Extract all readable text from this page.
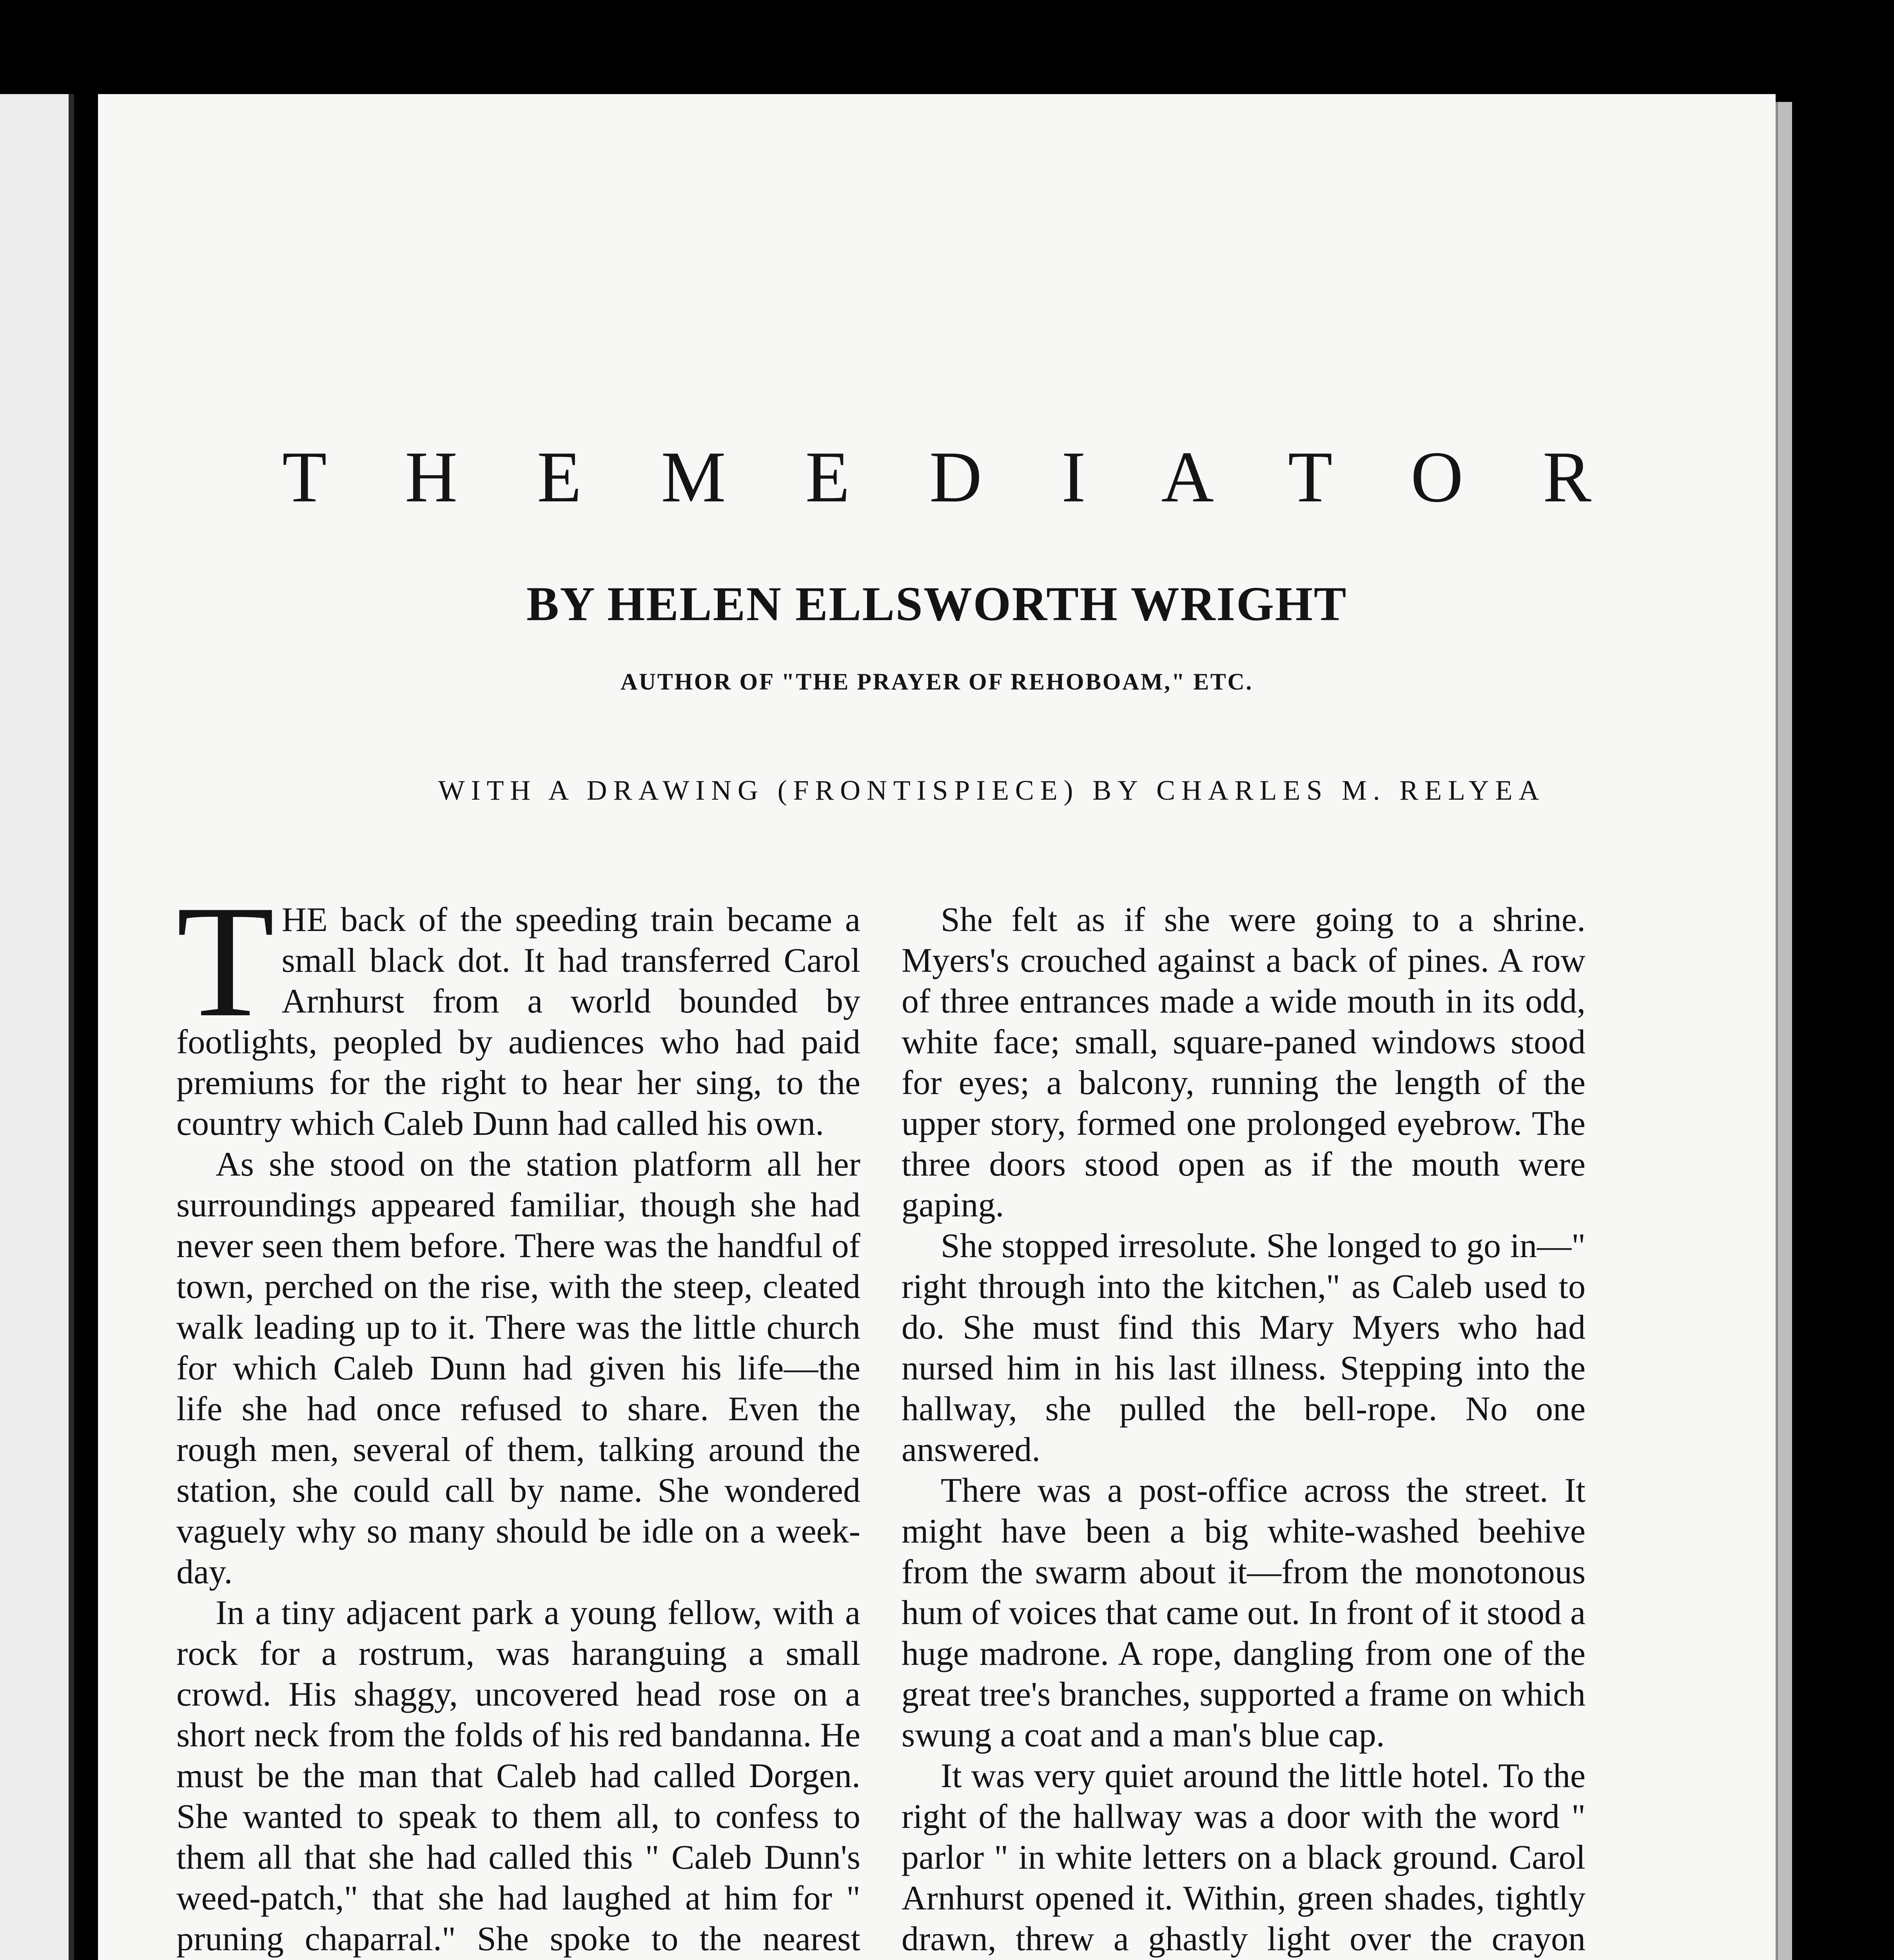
T H E M E D I A T O R
BY HELEN ELLSWORTH WRIGHT

AUTHOR OF "THE PRAYER OF REHOBOAM," ETC.

WITH A DRAWING (FRONTISPIECE) BY CHARLES M. RELYEA

THE back of the speeding train became a small black dot. It had transferred Carol Arnhurst from a world bounded by footlights, peopled by audiences who had paid premiums for the right to hear her sing, to the country which Caleb Dunn had called his own.

As she stood on the station platform all her surroundings appeared familiar, though she had never seen them before. There was the handful of town, perched on the rise, with the steep, cleated walk leading up to it. There was the little church for which Caleb Dunn had given his life—the life she had once refused to share. Even the rough men, several of them, talking around the station, she could call by name. She wondered vaguely why so many should be idle on a week-day.

In a tiny adjacent park a young fellow, with a rock for a rostrum, was haranguing a small crowd. His shaggy, uncovered head rose on a short neck from the folds of his red bandanna. He must be the man that Caleb had called Dorgen. She wanted to speak to them all, to confess to them all that she had called this " Caleb Dunn's weed-patch," that she had laughed at him for " pruning chaparral." She spoke to the nearest

She felt as if she were going to a shrine. Myers's crouched against a back of pines. A row of three entrances made a wide mouth in its odd, white face; small, square-paned windows stood for eyes; a balcony, running the length of the upper story, formed one prolonged eyebrow. The three doors stood open as if the mouth were gaping.

She stopped irresolute. She longed to go in—" right through into the kitchen," as Caleb used to do. She must find this Mary Myers who had nursed him in his last illness. Stepping into the hallway, she pulled the bell-rope. No one answered.

There was a post-office across the street. It might have been a big white-washed beehive from the swarm about it—from the monotonous hum of voices that came out. In front of it stood a huge madrone. A rope, dangling from one of the great tree's branches, supported a frame on which swung a coat and a man's blue cap.

It was very quiet around the little hotel. To the right of the hallway was a door with the word " parlor " in white letters on a black ground. Carol Arnhurst opened it. Within, green shades, tightly drawn, threw a ghastly light over the crayon
